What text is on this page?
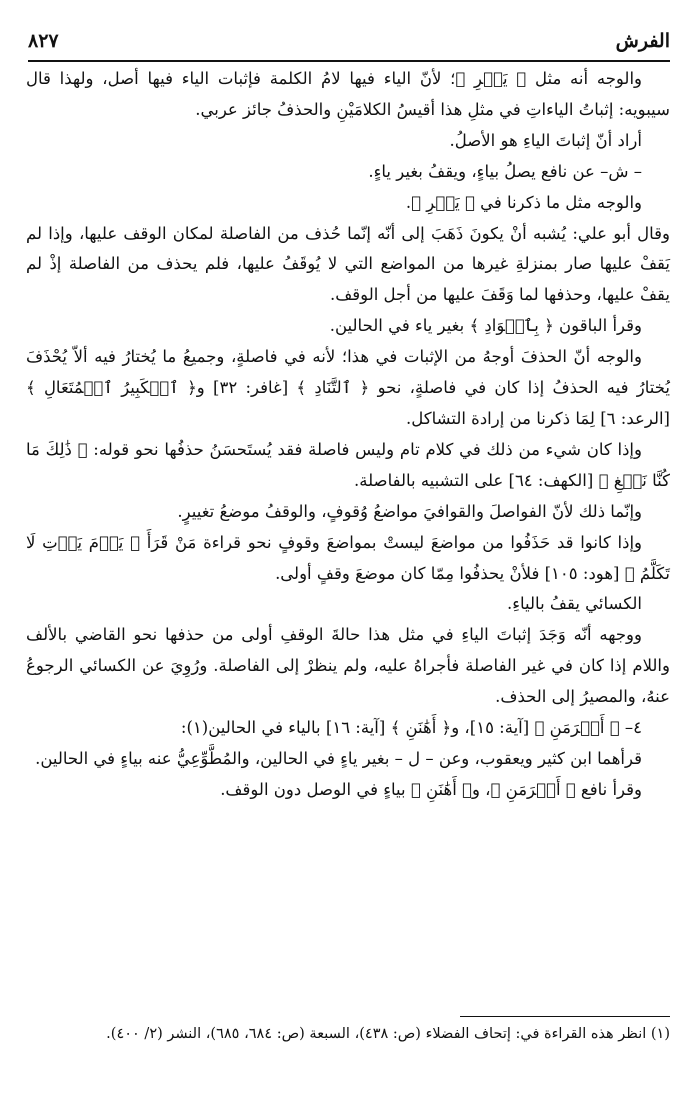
الفرش
٨٢٧

والوجه أنه مثل ﴿ يَسۡرِ ﴾؛ لأنّ الياء فيها لامُ الكلمة فإثبات الياء فيها أصل، ولهذا قال سيبويه: إثباتُ الياءاتِ في مثلِ هذا أقيسُ الكلامَيْنِ والحذفُ جائز عربي.

أراد أنّ إثباتَ الياءِ هو الأصلُ.

– ش– عن نافع يصلُ بياءٍ، ويقفُ بغير ياءٍ.

والوجه مثل ما ذكرنا في ﴿ يَسۡرِ ﴾.

وقال أبو علي: يُشبه أنْ يكونَ ذَهَبَ إلى أنّه إنّما حُذف من الفاصلة لمكان الوقف عليها، وإذا لم يَقفْ عليها صار بمنزلةِ غيرها من المواضع التي لا يُوقَفُ عليها، فلم يحذف من الفاصلة إذْ لم يقفْ عليها، وحذفها لما وَقَفَ عليها من أجل الوقف.

وقرأ الباقون ﴿ بِٱلۡوَادِ ﴾ بغير ياء في الحالين.

والوجه أنّ الحذفَ أوجهُ من الإثبات في هذا؛ لأنه في فاصلةٍ، وجميعُ ما يُختارُ فيه ألاّ يُحْذَفَ يُختارُ فيه الحذفُ إذا كان في فاصلةٍ، نحو ﴿ ٱلتَّنَادِ ﴾ [غافر: ٣٢] و﴿ ٱلۡكَبِيرُ ٱلۡمُتَعَالِ ﴾ [الرعد: ٦] لِمَا ذكرنا من إرادة التشاكل.

وإذا كان شيء من ذلك في كلام تام وليس فاصلة فقد يُستَحسَنُ حذفُها نحو قوله: ﴿ ذَٰلِكَ مَا كُنَّا نَبۡغِ ﴾ [الكهف: ٦٤] على التشبيه بالفاصلة.

وإنّما ذلك لأنّ الفواصلَ والقوافيَ مواضعُ وُقوفٍ، والوقفُ موضعُ تغييرٍ.

وإذا كانوا قد حَذَفُوا من مواضعَ ليستْ بمواضعَ وقوفٍ نحو قراءة مَنْ قَرَأَ ﴿ يَوۡمَ يَأۡتِ لَا تَكَلَّمُ ﴾ [هود: ١٠٥] فلأنْ يحذفُوا مِمّا كان موضعَ وقفٍ أولى.

الكسائي يقفُ بالياءِ.

ووجهه أنّه وَجَدَ إثباتَ الياءِ في مثل هذا حالةَ الوقفِ أولى من حذفها نحو القاضي بالألف واللام إذا كان في غير الفاصلة فأجراهُ عليه، ولم ينظرْ إلى الفاصلة. ورُوِيَ عن الكسائي الرجوعُ عنهُ، والمصيرُ إلى الحذف.

٤– ﴿ أَكۡرَمَنِ ﴾ [آية: ١٥]، و﴿ أَهَٰنَنِ ﴾ [آية: ١٦] بالياء في الحالين(١):

قرأهما ابن كثير ويعقوب، وعن – ل – بغير ياءٍ في الحالين، والمُطَّوِّعِيُّ عنه بياءٍ في الحالين.

وقرأ نافع ﴿ أَكۡرَمَنِ ﴾، و﴿ أَهَٰنَنِ ﴾ بياءٍ في الوصل دون الوقف.

(١) انظر هذه القراءة في: إتحاف الفضلاء (ص: ٤٣٨)، السبعة (ص: ٦٨٤، ٦٨٥)، النشر (٢/ ٤٠٠).
